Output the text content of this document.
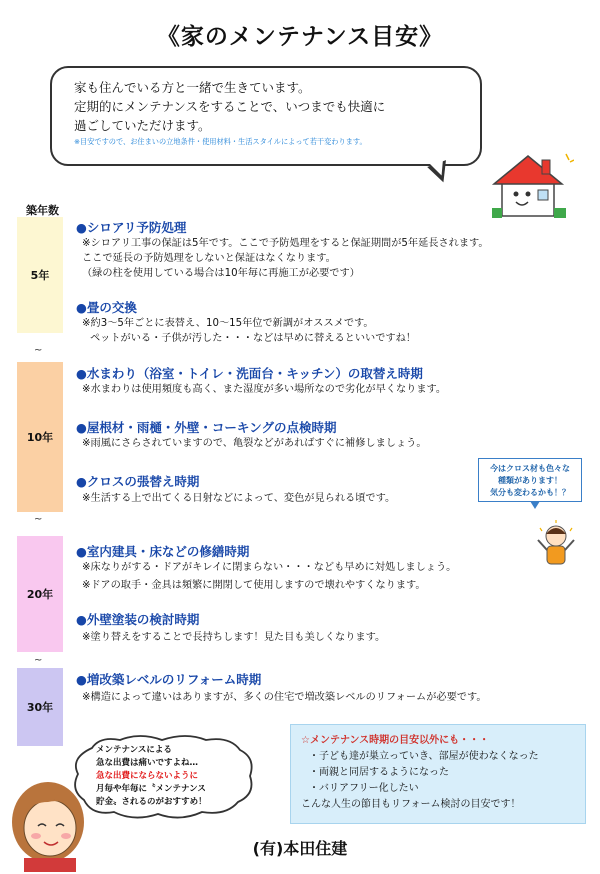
《家のメンテナンス目安》
家も住んでいる方と一緒で生きています。
定期的にメンテナンスをすることで、いつまでも快適に
過ごしていただけます。
※目安ですので、お住まいの立地条件・使用材料・生活スタイルによって若干変わります。
築年数
5年
~
10年
~
20年
~
30年
●シロアリ予防処理
※シロアリ工事の保証は5年です。ここで予防処理をすると保証期間が5年延長されます。
ここで延長の予防処理をしないと保証はなくなります。
（緑の柱を使用している場合は10年毎に再施工が必要です）
●畳の交換
※約3～5年ごとに表替え、10～15年位で新調がオススメです。
ペットがいる・子供が汚した・・・などは早めに替えるといいですね！
●水まわり（浴室・トイレ・洗面台・キッチン）の取替え時期
※水まわりは使用頻度も高く、また湿度が多い場所なので劣化が早くなります。
●屋根材・雨樋・外壁・コーキングの点検時期
※雨風にさらされていますので、亀裂などがあればすぐに補修しましょう。
●クロスの張替え時期
※生活する上で出てくる日射などによって、変色が見られる頃です。
今はクロス材も色々な
種類があります！
気分も変わるかも！？
●室内建具・床などの修繕時期
※床なりがする・ドアがキレイに閉まらない・・・なども早めに対処しましょう。
※ドアの取手・金具は頻繁に開閉して使用しますので壊れやすくなります。
●外壁塗装の検討時期
※塗り替えをすることで長持ちします！見た目も美しくなります。
●増改築レベルのリフォーム時期
※構造によって違いはありますが、多くの住宅で増改築レベルのリフォームが必要です。
メンテナンスによる
急な出費は痛いですよね…
急な出費にならないように
月毎や年毎に〝メンテナンス
貯金〟されるのがおすすめ！
☆メンテナンス時期の目安以外にも・・・
・子ども達が巣立っていき、部屋が使わなくなった
・両親と同居するようになった
・バリアフリー化したい
こんな人生の節目もリフォーム検討の目安です！
(有)本田住建
